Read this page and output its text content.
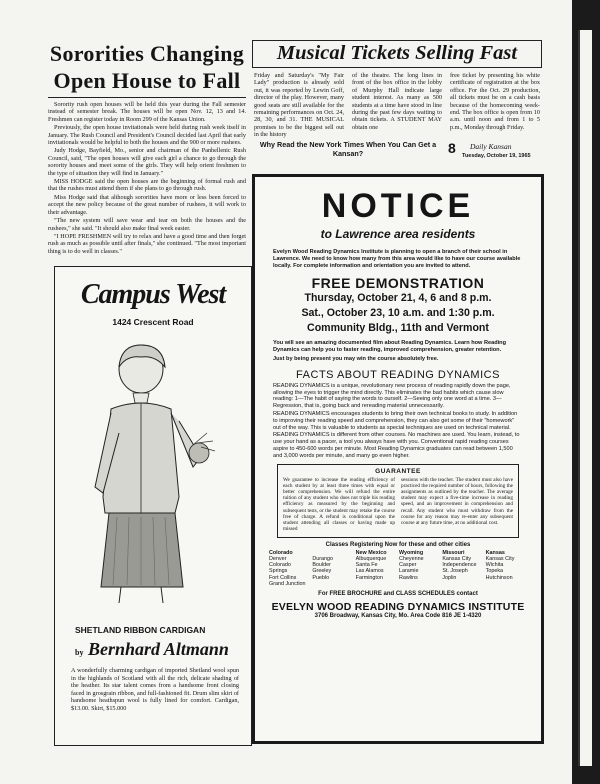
Sororities Changing Open House to Fall

Sorority rush open houses will be held this year during the Fall semester instead of semester break. The houses will be open Nov. 12, 13 and 14. Freshmen can register today in Room 299 of the Kansas Union.

Previously, the open house invitationals were held during rush week itself in January. The Rush Council and President's Council decided last April that early invitationals would be helpful to both the houses and the 900 or more rushees.

Judy Hodge, Bayfield, Mo., senior and chairman of the Panhellenic Rush Council, said, "The open houses will give each girl a chance to go through the sorority houses and meet some of the girls. They will help orient freshmen to the type of situation they will find in January."

MISS HODGE said the open houses are the beginning of formal rush and that the rushes must attend them if she plans to go through rush.

Miss Hodge said that although sororities have more or less been forced to accept the new policy because of the great number of rushees, it will work to their advantage.

"The new system will save wear and tear on both the houses and the rushees," she said. "It should also make final week easier.

"I HOPE FRESHMEN will try to relax and have a good time and then forget rush as much as possible until after finals," she continued. "The most important thing is to do well in classes."

Campus West
1424 Crescent Road
SHETLAND RIBBON CARDIGAN
by Bernhard Altmann
A wonderfully charming cardigan of imported Shetland wool spun in the highlands of Scotland with all the rich, delicate shading of the heather. Its star talent comes from a handsome front closing faced in grosgrain ribbon, and full-fashioned fit. Drum slim skirt of handsome heathspun wool is fully lined for comfort. Cardigan, $13.00. Skirt, $15.000
Musical Tickets Selling Fast
Friday and Saturday's "My Fair Lady" production is already sold out, it was reported by Lewin Goff, director of the play. However, many good seats are still available for the remaining performances on Oct. 24, 28, 30, and 31. THE MUSICAL promises to be the biggest sell out in the history
of the theatre. The long lines in front of the box office in the lobby of Murphy Hall indicate large student interest. As many as 500 students at a time have stood in line during the past few days waiting to obtain tickets. A STUDENT MAY obtain one
free ticket by presenting his white certificate of registration at the box office. For the Oct. 29 production, all tickets must be on a cash basis because of the homecoming week-end. The box office is open from 10 a.m. until noon and from 1 to 5 p.m., Monday through Friday.
Why Read the New York Times When You Can Get a Kansan?	8 Daily Kansan
Tuesday, October 19, 1965
NOTICE
to Lawrence area residents
Evelyn Wood Reading Dynamics Institute is planning to open a branch of their school in Lawrence. We need to know how many from this area would like to have our course available locally. For complete information and orientation you are invited to attend.
FREE DEMONSTRATION
Thursday, October 21, 4, 6 and 8 p.m.
Sat., October 23, 10 a.m. and 1:30 p.m.
Community Bldg., 11th and Vermont
You will see an amazing documented film about Reading Dynamics. Learn how Reading Dynamics can help you to faster reading, improved comprehension, greater retention.
Just by being present you may win the course absolutely free.
FACTS ABOUT READING DYNAMICS
READING DYNAMICS is a unique, revolutionary new process of reading rapidly down the page, allowing the eyes to trigger the mind directly. This eliminates the bad habits which cause slow reading: 1—The habit of saying the words to ourself. 2—Seeing only one word at a time. 3—Regression, that is, going back and rereading material unnecessarily.
READING DYNAMICS encourages students to bring their own technical books to study. In addition to improving their reading speed and comprehension, they can also get some of their "homework" out of the way. This is valuable to students as special techniques are used on technical material.
READING DYNAMICS is different from other courses. No machines are used. You learn, instead, to use your hand as a pacer, a tool you always have with you. Conventional rapid reading courses aspire to 450-600 words per minute. Most Reading Dynamics graduates can read between 1,500 and 3,000 words per minute, and many go even higher.
GUARANTEE
We guarantee to increase the reading efficiency of each student by at least three times with equal or better comprehension. We will refund the entire tuition of any student who does not triple his reading efficiency as measured by the beginning and subsequent tests, or the student may retake the course free of charge. A refund is conditional upon the student attending all classes or having made up missed
sessions with the teacher. The student must also have practiced the required number of hours, following the assignments as outlined by the teacher. The average student may expect a five-time increase in reading speed, and an improvement in comprehension and recall. Any student who must withdraw from the course for any reason may re-enter any subsequent course at any future time, at no additional cost.
Classes Registering Now for these and other cities
Colorado
Denver
Colorado Springs
Fort Collins
Grand Junction

Durango
Boulder
Greeley
Pueblo
New Mexico
Albuquerque
Santa Fe
Las Alamos
Farmington
Wyoming
Cheyenne
Casper
Laramie
Rawlins
Missouri
Kansas City
Independence
St. Joseph
Joplin
Kansas
Kansas City
Wichita
Topeka
Hutchinson
For FREE BROCHURE and CLASS SCHEDULES contact
EVELYN WOOD READING DYNAMICS INSTITUTE
3706 Broadway, Kansas City, Mo. Area Code 816 JE 1-4320
